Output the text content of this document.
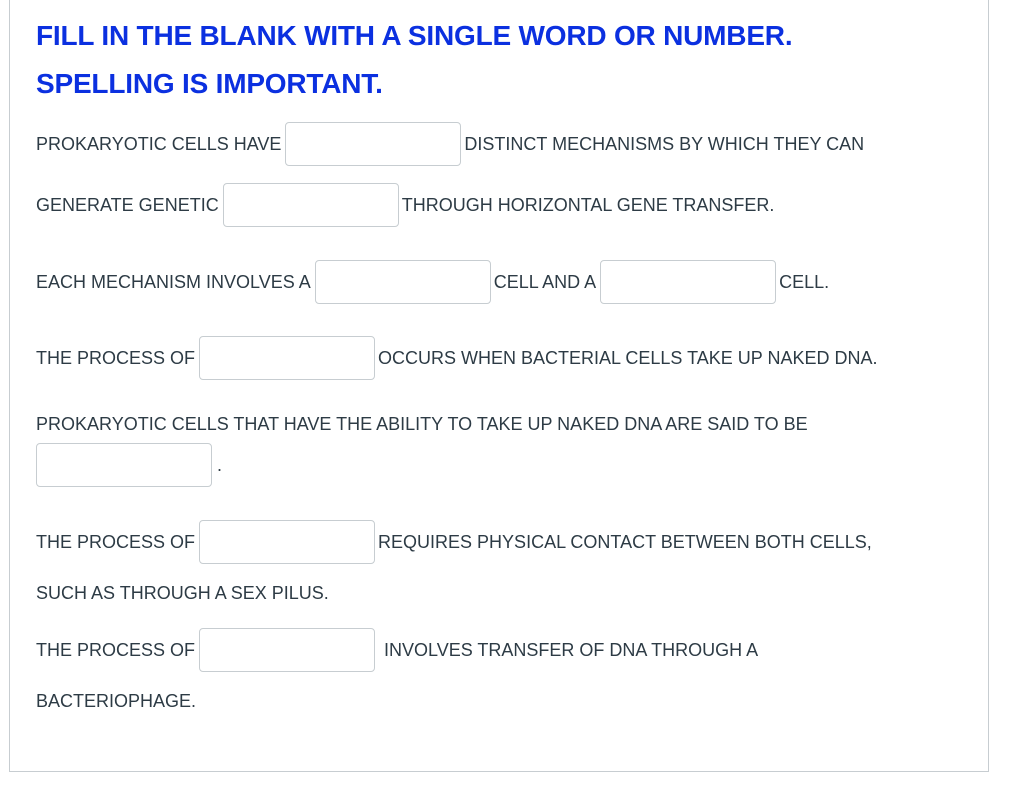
FILL IN THE BLANK WITH A SINGLE WORD OR NUMBER.
SPELLING IS IMPORTANT.
PROKARYOTIC CELLS HAVE	DISTINCT MECHANISMS BY WHICH THEY CAN
GENERATE GENETIC	THROUGH HORIZONTAL GENE TRANSFER.
EACH MECHANISM INVOLVES A	CELL AND A	CELL.
THE PROCESS OF	OCCURS WHEN BACTERIAL CELLS TAKE UP NAKED DNA.
PROKARYOTIC CELLS THAT HAVE THE ABILITY TO TAKE UP NAKED DNA ARE SAID TO BE
.
THE PROCESS OF	REQUIRES PHYSICAL CONTACT BETWEEN BOTH CELLS,
SUCH AS THROUGH A SEX PILUS.
THE PROCESS OF	INVOLVES TRANSFER OF DNA THROUGH A
BACTERIOPHAGE.
